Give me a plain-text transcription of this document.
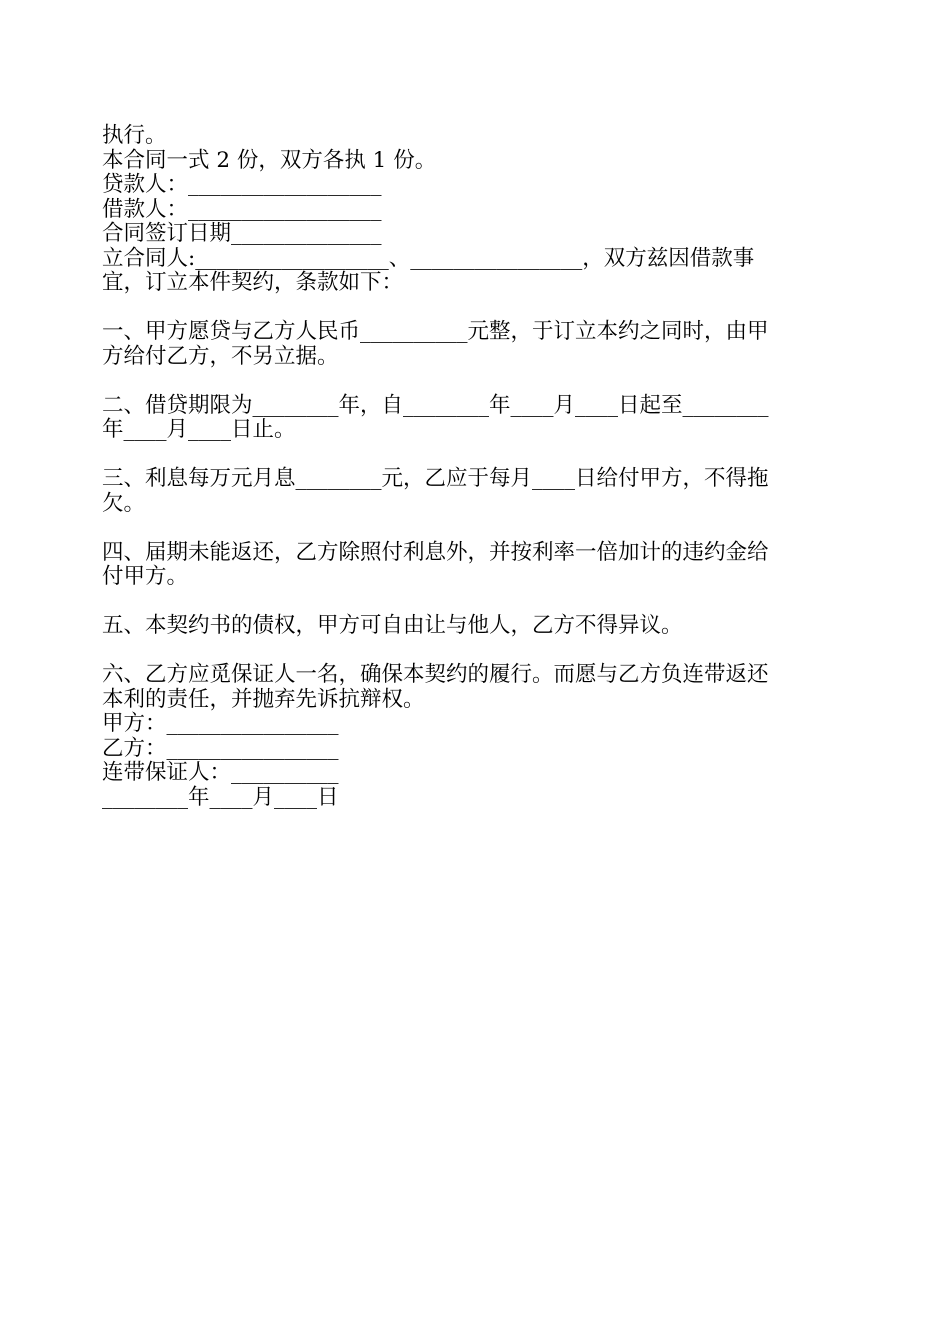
执行。

本合同一式 2 份，双方各执 1 份。

贷款人：__________________

借款人：__________________

合同签订日期______________

立合同人:__________________、________________，双方兹因借款事

宜，订立本件契约，条款如下：

一、甲方愿贷与乙方人民币__________元整，于订立本约之同时，由甲

方给付乙方，不另立据。

二、借贷期限为________年，自________年____月____日起至________

年____月____日止。

三、利息每万元月息________元，乙应于每月____日给付甲方，不得拖

欠。

四、届期未能返还，乙方除照付利息外，并按利率一倍加计的违约金给

付甲方。

五、本契约书的债权，甲方可自由让与他人，乙方不得异议。

六、乙方应觅保证人一名，确保本契约的履行。而愿与乙方负连带返还

本利的责任，并抛弃先诉抗辩权。

甲方：________________

乙方：________________

连带保证人：__________

________年____月____日
